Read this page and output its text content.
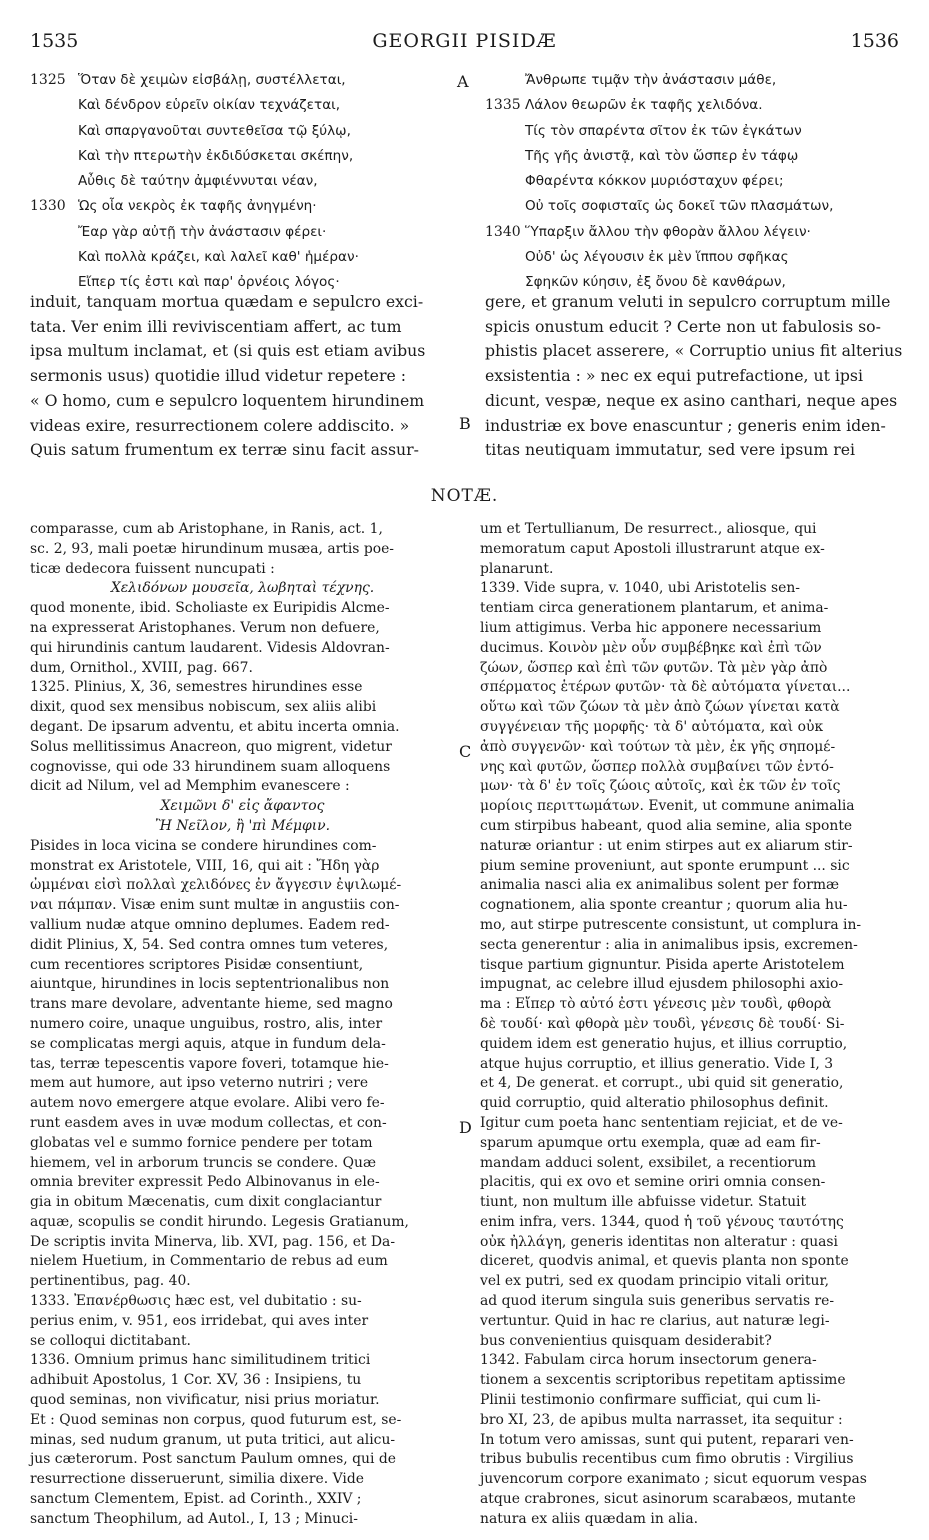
1535	GEORGII PISIDÆ	1536
1325 Ὅταν δὲ χειμὼν εἰσβάλῃ, συστέλλεται,
Καὶ δένδρον εὑρεῖν οἰκίαν τεχνάζεται,
Καὶ σπαργανοῦται συντεθεῖσα τῷ ξύλῳ,
Καὶ τὴν πτερωτὴν ἐκδιδύσκεται σκέπην,
Αὖθις δὲ ταύτην ἀμφιέννυται νέαν,
1330 Ὡς οἷα νεκρὸς ἐκ ταφῆς ἀνηγμένη·
Ἔαρ γὰρ αὐτῇ τὴν ἀνάστασιν φέρει·
Καὶ πολλὰ κράζει, καὶ λαλεῖ καθ' ἡμέραν·
Εἴπερ τίς ἐστι καὶ παρ' ὀρνέοις λόγος·
Ἄνθρωπε τιμᾷν τὴν ἀνάστασιν μάθε,
1335 Λάλον θεωρῶν ἐκ ταφῆς χελιδόνα.
Τίς τὸν σπαρέντα σῖτον ἐκ τῶν ἐγκάτων
Τῆς γῆς ἀνιστᾷ, καὶ τὸν ὥσπερ ἐν τάφῳ
Φθαρέντα κόκκον μυριόσταχυν φέρει;
Οὐ τοῖς σοφισταῖς ὡς δοκεῖ τῶν πλασμάτων,
1340 Ὕπαρξιν ἄλλου τὴν φθορὰν ἄλλου λέγειν·
Οὐδ' ὡς λέγουσιν ἐκ μὲν ἵππου σφῆκας
Σφηκῶν κύησιν, ἐξ ὄνου δὲ κανθάρων,
A
B
C
D
induit, tanquam mortua quædam e sepulcro exci-
tata. Ver enim illi reviviscentiam affert, ac tum
ipsa multum inclamat, et (si quis est etiam avibus
sermonis usus) quotidie illud videtur repetere :
« O homo, cum e sepulcro loquentem hirundinem
videas exire, resurrectionem colere addiscito. »
Quis satum frumentum ex terræ sinu facit assur-
gere, et granum veluti in sepulcro corruptum mille
spicis onustum educit ? Certe non ut fabulosis so-
phistis placet asserere, « Corruptio unius fit alterius
exsistentia : » nec ex equi putrefactione, ut ipsi
dicunt, vespæ, neque ex asino canthari, neque apes
industriæ ex bove enascuntur ; generis enim iden-
titas neutiquam immutatur, sed vere ipsum rei
NOTÆ.
comparasse, cum ab Aristophane, in Ranis, act. 1,
sc. 2, 93, mali poetæ hirundinum musæa, artis poe-
ticæ dedecora fuissent nuncupati :
Χελιδόνων μουσεῖα, λωβηταὶ τέχνης.
quod monente, ibid. Scholiaste ex Euripidis Alcme-
na expresserat Aristophanes. Verum non defuere,
qui hirundinis cantum laudarent. Videsis Aldovran-
dum, Ornithol., XVIII, pag. 667.
1325. Plinius, X, 36, semestres hirundines esse
dixit, quod sex mensibus nobiscum, sex aliis alibi
degant. De ipsarum adventu, et abitu incerta omnia.
Solus mellitissimus Anacreon, quo migrent, videtur
cognovisse, qui ode 33 hirundinem suam alloquens
dicit ad Nilum, vel ad Memphim evanescere :
Χειμῶνι δ' εἰς ἄφαντος
Ἢ Νεῖλον, ἢ 'πὶ Μέμφιν.
Pisides in loca vicina se condere hirundines com-
monstrat ex Aristotele, VIII, 16, qui ait : Ἤδη γὰρ
ὠμμέναι εἰσὶ πολλαὶ χελιδόνες ἐν ἄγγεσιν ἐψιλωμέ-
ναι πάμπαν. Visæ enim sunt multæ in angustiis con-
vallium nudæ atque omnino deplumes. Eadem red-
didit Plinius, X, 54. Sed contra omnes tum veteres,
cum recentiores scriptores Pisidæ consentiunt,
aiuntque, hirundines in locis septentrionalibus non
trans mare devolare, adventante hieme, sed magno
numero coire, unaque unguibus, rostro, alis, inter
se complicatas mergi aquis, atque in fundum dela-
tas, terræ tepescentis vapore foveri, totamque hie-
mem aut humore, aut ipso veterno nutriri ; vere
autem novo emergere atque evolare. Alibi vero fe-
runt easdem aves in uvæ modum collectas, et con-
globatas vel e summo fornice pendere per totam
hiemem, vel in arborum truncis se condere. Quæ
omnia breviter expressit Pedo Albinovanus in ele-
gia in obitum Mæcenatis, cum dixit conglaciantur
aquæ, scopulis se condit hirundo. Legesis Gratianum,
De scriptis invita Minerva, lib. XVI, pag. 156, et Da-
nielem Huetium, in Commentario de rebus ad eum
pertinentibus, pag. 40.
1333. Ἐπανέρθωσις hæc est, vel dubitatio : su-
perius enim, v. 951, eos irridebat, qui aves inter
se colloqui dictitabant.
1336. Omnium primus hanc similitudinem tritici
adhibuit Apostolus, 1 Cor. XV, 36 : Insipiens, tu
quod seminas, non vivificatur, nisi prius moriatur.
Et : Quod seminas non corpus, quod futurum est, se-
minas, sed nudum granum, ut puta tritici, aut alicu-
jus cæterorum. Post sanctum Paulum omnes, qui de
resurrectione disseruerunt, similia dixere. Vide
sanctum Clementem, Epist. ad Corinth., XXIV ;
sanctum Theophilum, ad Autol., I, 13 ; Minuci-
um et Tertullianum, De resurrect., aliosque, qui
memoratum caput Apostoli illustrarunt atque ex-
planarunt.
1339. Vide supra, v. 1040, ubi Aristotelis sen-
tentiam circa generationem plantarum, et anima-
lium attigimus. Verba hic apponere necessarium
ducimus. Κοινὸν μὲν οὖν συμβέβηκε καὶ ἐπὶ τῶν
ζώων, ὥσπερ καὶ ἐπὶ τῶν φυτῶν. Τὰ μὲν γὰρ ἀπὸ
σπέρματος ἑτέρων φυτῶν· τὰ δὲ αὐτόματα γίνεται...
οὕτω καὶ τῶν ζώων τὰ μὲν ἀπὸ ζώων γίνεται κατὰ
συγγένειαν τῆς μορφῆς· τὰ δ' αὐτόματα, καὶ οὐκ
ἀπὸ συγγενῶν· καὶ τούτων τὰ μὲν, ἐκ γῆς σηπομέ-
νης καὶ φυτῶν, ὥσπερ πολλὰ συμβαίνει τῶν ἐντό-
μων· τὰ δ' ἐν τοῖς ζώοις αὐτοῖς, καὶ ἐκ τῶν ἐν τοῖς
μορίοις περιττωμάτων. Evenit, ut commune animalia
cum stirpibus habeant, quod alia semine, alia sponte
naturæ oriantur : ut enim stirpes aut ex aliarum stir-
pium semine proveniunt, aut sponte erumpunt ... sic
animalia nasci alia ex animalibus solent per formæ
cognationem, alia sponte creantur ; quorum alia hu-
mo, aut stirpe putrescente consistunt, ut complura in-
secta generentur : alia in animalibus ipsis, excremen-
tisque partium gignuntur. Pisida aperte Aristotelem
impugnat, ac celebre illud ejusdem philosophi axio-
ma : Εἴπερ τὸ αὐτό ἐστι γένεσις μὲν τουδὶ, φθορὰ
δὲ τουδί· καὶ φθορὰ μὲν τουδὶ, γένεσις δὲ τουδί· Si-
quidem idem est generatio hujus, et illius corruptio,
atque hujus corruptio, et illius generatio. Vide I, 3
et 4, De generat. et corrupt., ubi quid sit generatio,
quid corruptio, quid alteratio philosophus definit.
Igitur cum poeta hanc sententiam rejiciat, et de ve-
sparum apumque ortu exempla, quæ ad eam fir-
mandam adduci solent, exsibilet, a recentiorum
placitis, qui ex ovo et semine oriri omnia consen-
tiunt, non multum ille abfuisse videtur. Statuit
enim infra, vers. 1344, quod ἡ τοῦ γένους ταυτότης
οὐκ ἠλλάγη, generis identitas non alteratur : quasi
diceret, quodvis animal, et quevis planta non sponte
vel ex putri, sed ex quodam principio vitali oritur,
ad quod iterum singula suis generibus servatis re-
vertuntur. Quid in hac re clarius, aut naturæ legi-
bus convenientius quisquam desiderabit?
1342. Fabulam circa horum insectorum genera-
tionem a sexcentis scriptoribus repetitam aptissime
Plinii testimonio confirmare sufficiat, qui cum li-
bro XI, 23, de apibus multa narrasset, ita sequitur :
In totum vero amissas, sunt qui putent, reparari ven-
tribus bubulis recentibus cum fimo obrutis : Virgilius
juvencorum corpore exanimato ; sicut equorum vespas
atque crabrones, sicut asinorum scarabæos, mutante
natura ex aliis quædam in alia.
